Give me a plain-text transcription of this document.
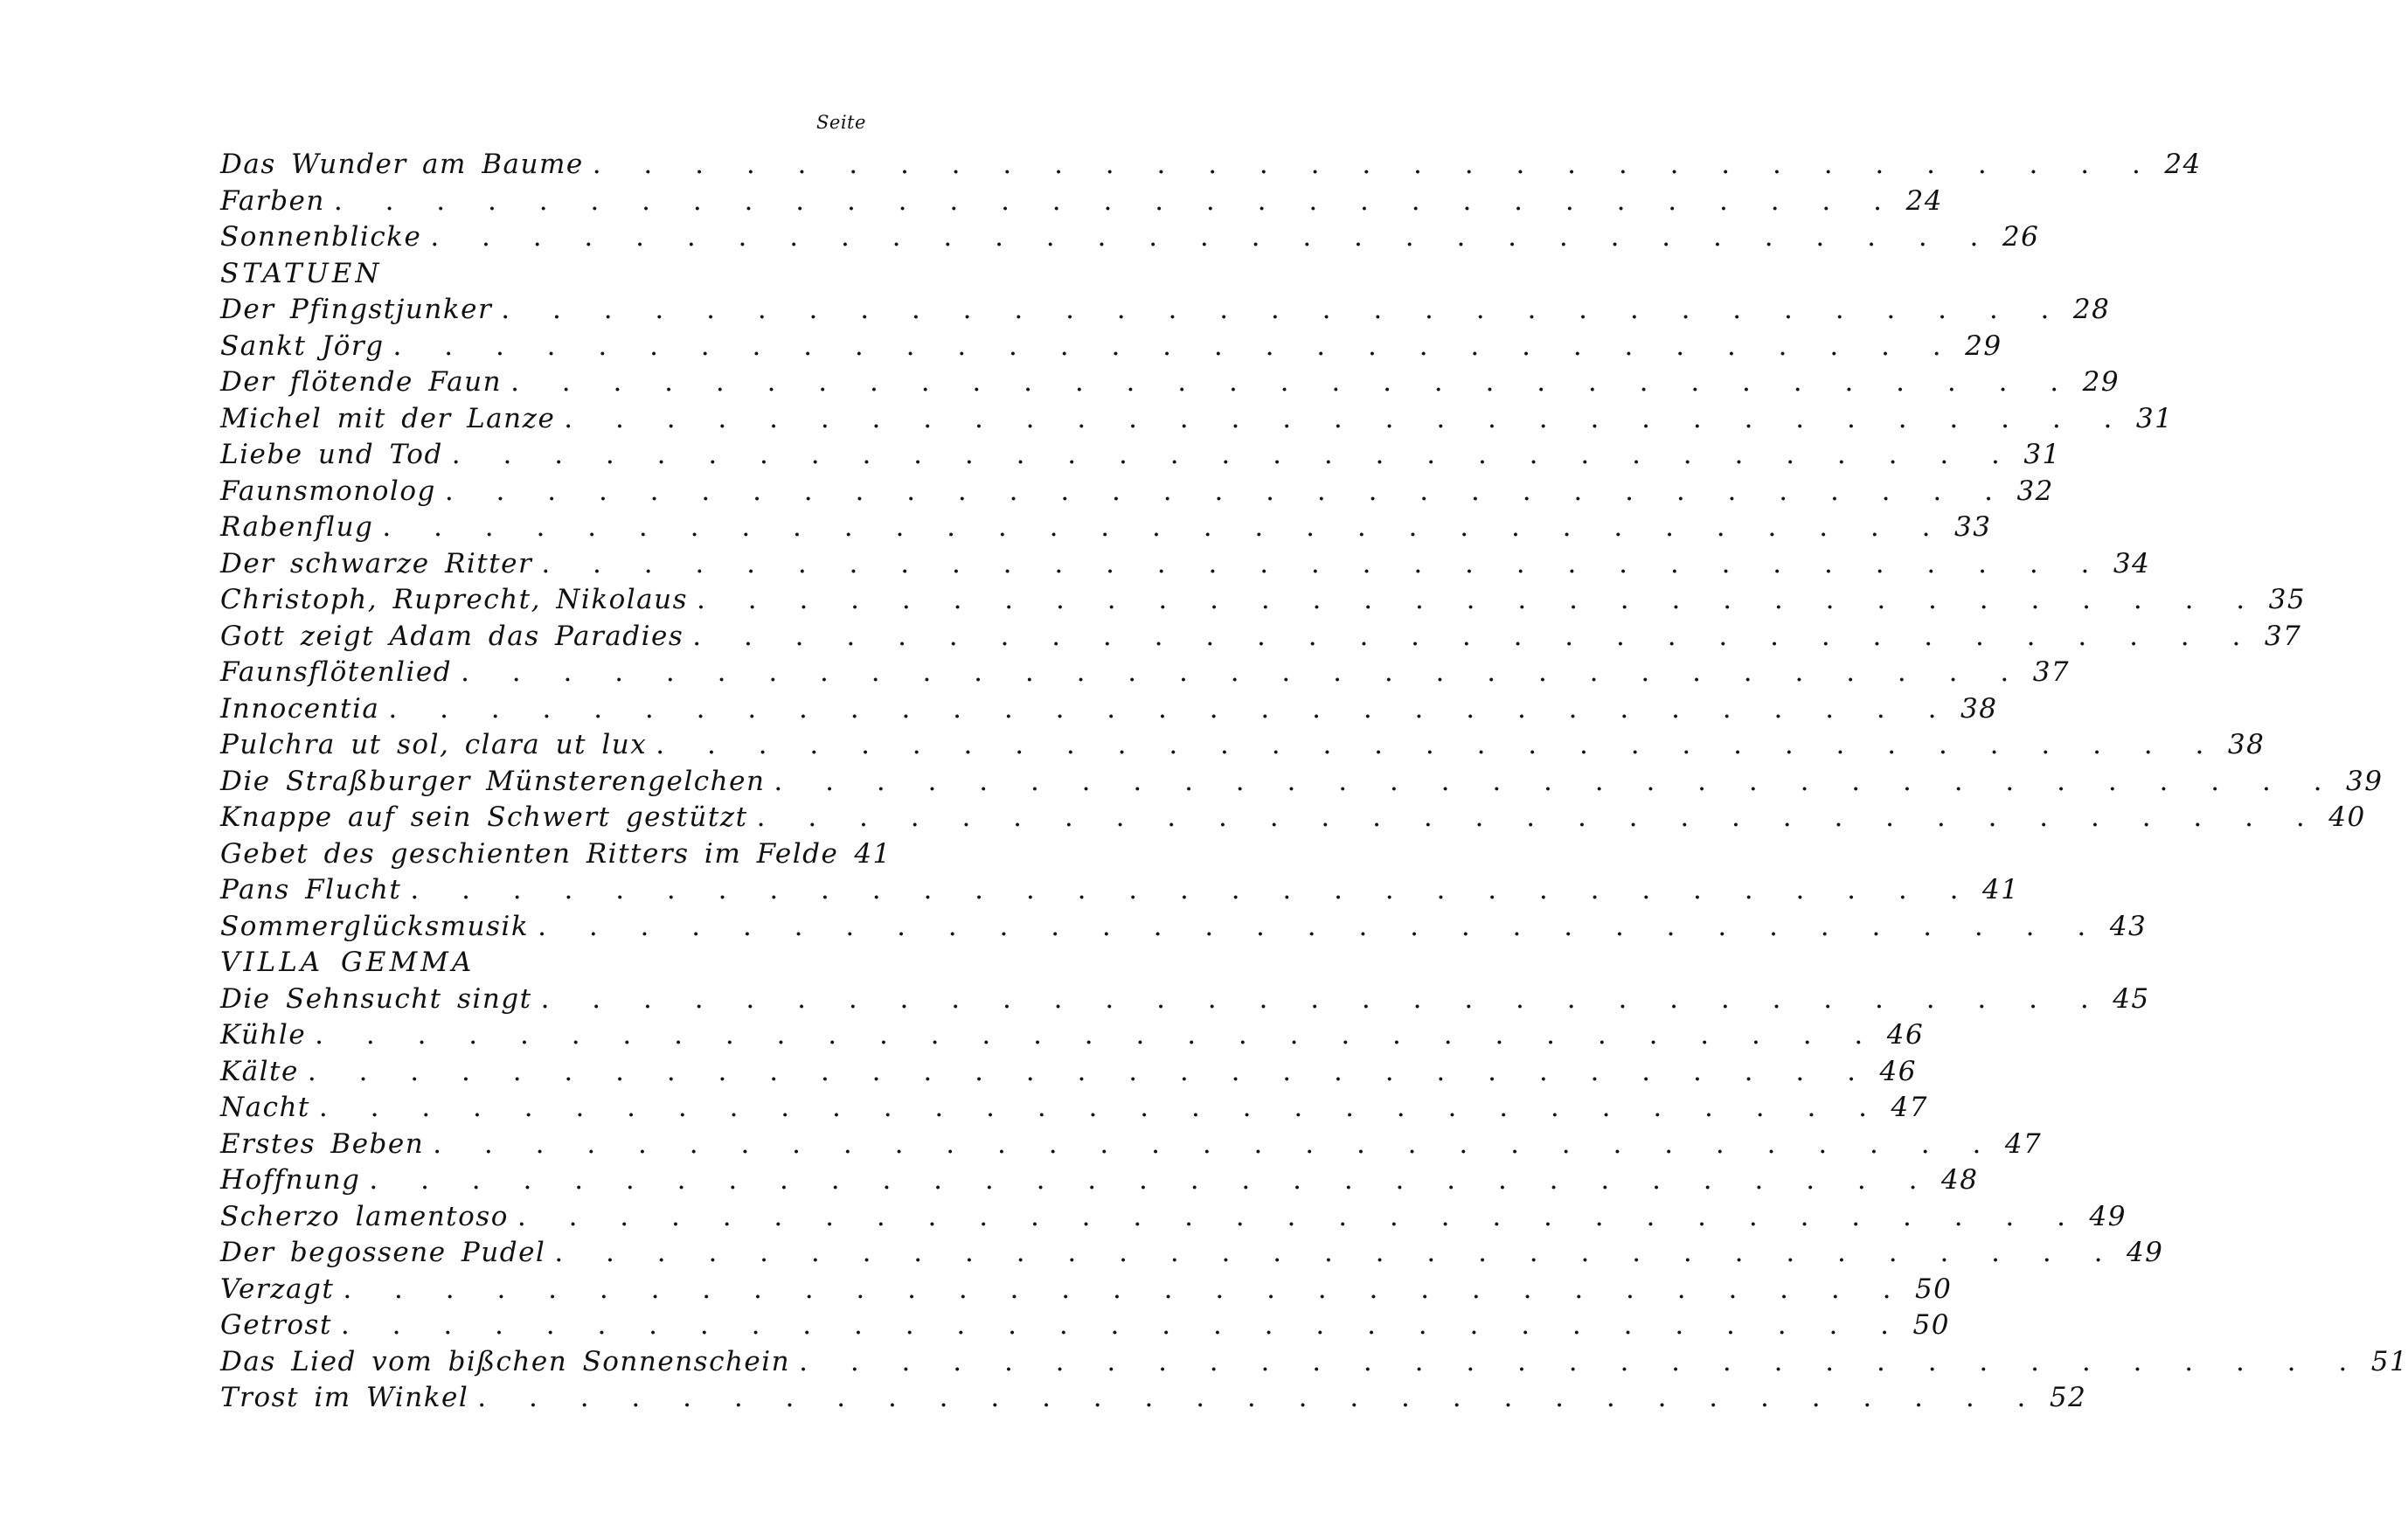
Seite
Das Wunder am Baume . . . . . . . . . . . . . . . . . . . . . . . . . . . . . . . 24
Farben . . . . . . . . . . . . . . . . . . . . . . . . . . . . . . . 24
Sonnenblicke . . . . . . . . . . . . . . . . . . . . . . . . . . . . . . . 26
STATUEN
Der Pfingstjunker . . . . . . . . . . . . . . . . . . . . . . . . . . . . . . . 28
Sankt Jörg . . . . . . . . . . . . . . . . . . . . . . . . . . . . . . . 29
Der flötende Faun . . . . . . . . . . . . . . . . . . . . . . . . . . . . . . . 29
Michel mit der Lanze . . . . . . . . . . . . . . . . . . . . . . . . . . . . . . . 31
Liebe und Tod . . . . . . . . . . . . . . . . . . . . . . . . . . . . . . . 31
Faunsmonolog . . . . . . . . . . . . . . . . . . . . . . . . . . . . . . . 32
Rabenflug . . . . . . . . . . . . . . . . . . . . . . . . . . . . . . . 33
Der schwarze Ritter . . . . . . . . . . . . . . . . . . . . . . . . . . . . . . . 34
Christoph, Ruprecht, Nikolaus . . . . . . . . . . . . . . . . . . . . . . . . . . . . . . . 35
Gott zeigt Adam das Paradies . . . . . . . . . . . . . . . . . . . . . . . . . . . . . . . 37
Faunsflötenlied . . . . . . . . . . . . . . . . . . . . . . . . . . . . . . . 37
Innocentia . . . . . . . . . . . . . . . . . . . . . . . . . . . . . . . 38
Pulchra ut sol, clara ut lux . . . . . . . . . . . . . . . . . . . . . . . . . . . . . . . 38
Die Straßburger Münsterengelchen . . . . . . . . . . . . . . . . . . . . . . . . . . . . . . . 39
Knappe auf sein Schwert gestützt . . . . . . . . . . . . . . . . . . . . . . . . . . . . . . . 40
Gebet des geschienten Ritters im Felde 41
Pans Flucht . . . . . . . . . . . . . . . . . . . . . . . . . . . . . . . 41
Sommerglücksmusik . . . . . . . . . . . . . . . . . . . . . . . . . . . . . . . 43
VILLA GEMMA
Die Sehnsucht singt . . . . . . . . . . . . . . . . . . . . . . . . . . . . . . . 45
Kühle . . . . . . . . . . . . . . . . . . . . . . . . . . . . . . . 46
Kälte . . . . . . . . . . . . . . . . . . . . . . . . . . . . . . . 46
Nacht . . . . . . . . . . . . . . . . . . . . . . . . . . . . . . . 47
Erstes Beben . . . . . . . . . . . . . . . . . . . . . . . . . . . . . . . 47
Hoffnung . . . . . . . . . . . . . . . . . . . . . . . . . . . . . . . 48
Scherzo lamentoso . . . . . . . . . . . . . . . . . . . . . . . . . . . . . . . 49
Der begossene Pudel . . . . . . . . . . . . . . . . . . . . . . . . . . . . . . . 49
Verzagt . . . . . . . . . . . . . . . . . . . . . . . . . . . . . . . 50
Getrost . . . . . . . . . . . . . . . . . . . . . . . . . . . . . . . 50
Das Lied vom bißchen Sonnenschein . . . . . . . . . . . . . . . . . . . . . . . . . . . . . . . 51
Trost im Winkel . . . . . . . . . . . . . . . . . . . . . . . . . . . . . . . 52
